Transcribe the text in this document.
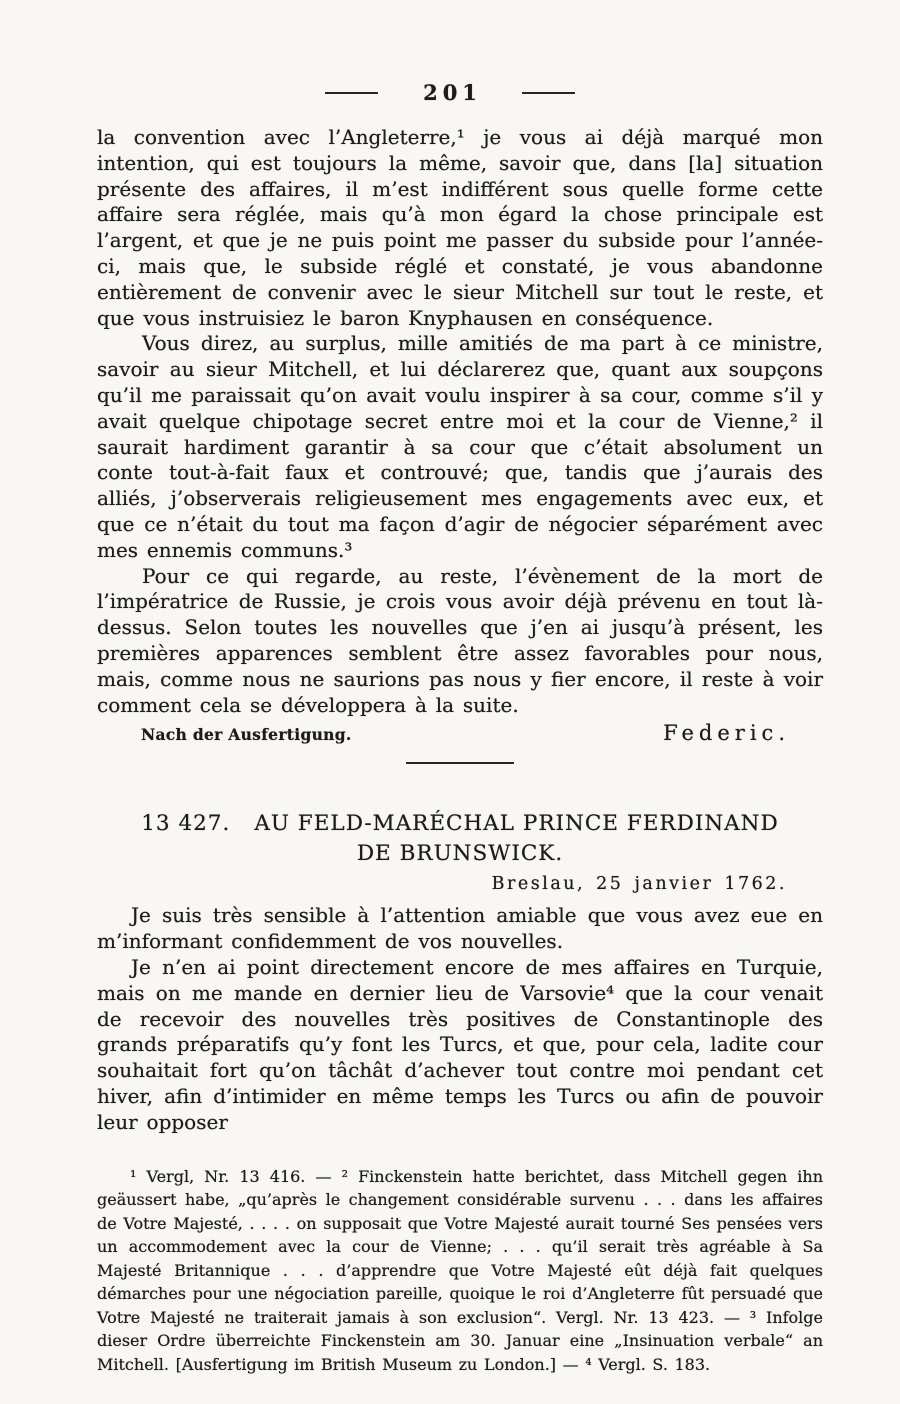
201

la convention avec l’Angleterre,¹ je vous ai déjà marqué mon intention, qui est toujours la même, savoir que, dans [la] situation présente des affaires, il m’est indifférent sous quelle forme cette affaire sera réglée, mais qu’à mon égard la chose principale est l’argent, et que je ne puis point me passer du subside pour l’année-ci, mais que, le subside réglé et constaté, je vous abandonne entièrement de convenir avec le sieur Mitchell sur tout le reste, et que vous instruisiez le baron Knyphausen en conséquence.

Vous direz, au surplus, mille amitiés de ma part à ce ministre, savoir au sieur Mitchell, et lui déclarerez que, quant aux soupçons qu’il me paraissait qu’on avait voulu inspirer à sa cour, comme s’il y avait quelque chipotage secret entre moi et la cour de Vienne,² il saurait hardiment garantir à sa cour que c’était absolument un conte tout-à-fait faux et controuvé; que, tandis que j’aurais des alliés, j’observerais religieusement mes engagements avec eux, et que ce n’était du tout ma façon d’agir de négocier séparément avec mes ennemis communs.³

Pour ce qui regarde, au reste, l’évènement de la mort de l’impératrice de Russie, je crois vous avoir déjà prévenu en tout là-dessus. Selon toutes les nouvelles que j’en ai jusqu’à présent, les premières apparences semblent être assez favorables pour nous, mais, comme nous ne saurions pas nous y fier encore, il reste à voir comment cela se développera à la suite.

Nach der Ausfertigung.	Federic.
13 427. AU FELD-MARÉCHAL PRINCE FERDINAND
DE BRUNSWICK.
Breslau, 25 janvier 1762.

Je suis très sensible à l’attention amiable que vous avez eue en m’informant confidemment de vos nouvelles.

Je n’en ai point directement encore de mes affaires en Turquie, mais on me mande en dernier lieu de Varsovie⁴ que la cour venait de recevoir des nouvelles très positives de Constantinople des grands préparatifs qu’y font les Turcs, et que, pour cela, ladite cour souhaitait fort qu’on tâchât d’achever tout contre moi pendant cet hiver, afin d’intimider en même temps les Turcs ou afin de pouvoir leur opposer

¹ Vergl, Nr. 13 416. — ² Finckenstein hatte berichtet, dass Mitchell gegen ihn geäussert habe, „qu’après le changement considérable survenu . . . dans les affaires de Votre Majesté, . . . . on supposait que Votre Majesté aurait tourné Ses pensées vers un accommodement avec la cour de Vienne; . . . qu’il serait très agréable à Sa Majesté Britannique . . . d’apprendre que Votre Majesté eût déjà fait quelques démarches pour une négociation pareille, quoique le roi d’Angleterre fût persuadé que Votre Majesté ne traiterait jamais à son exclusion“. Vergl. Nr. 13 423. — ³ Infolge dieser Ordre überreichte Finckenstein am 30. Januar eine „Insinuation verbale“ an Mitchell. [Ausfertigung im British Museum zu London.] — ⁴ Vergl. S. 183.
